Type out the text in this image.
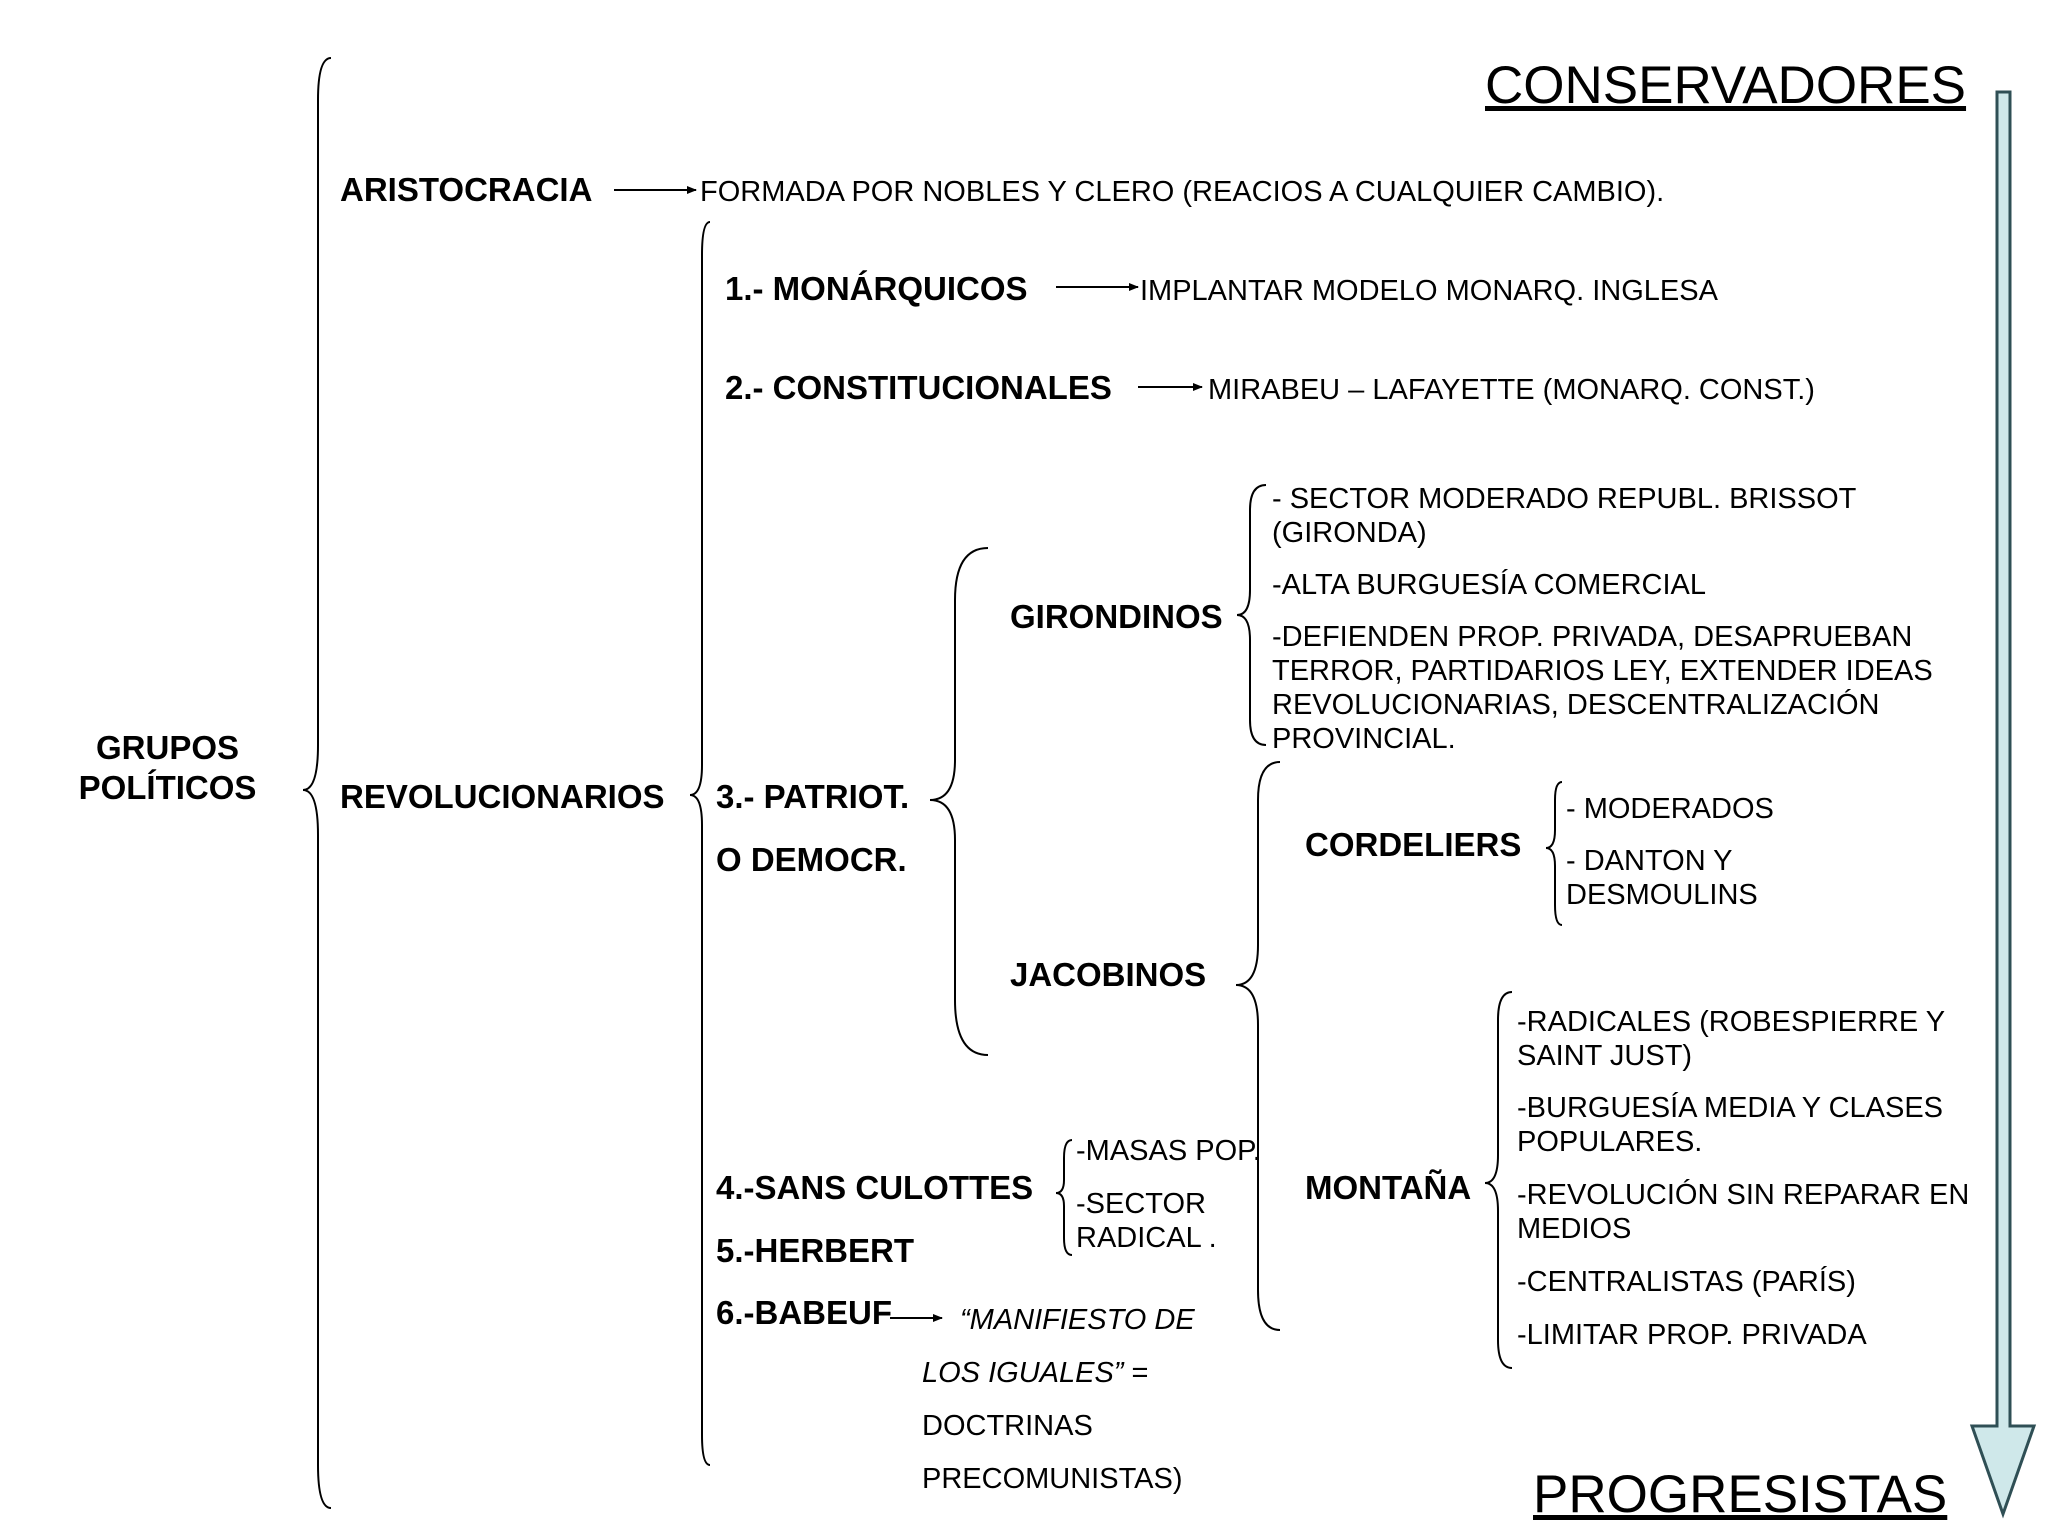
CONSERVADORES
PROGRESISTAS
GRUPOS
POLÍTICOS
ARISTOCRACIA	FORMADA POR NOBLES Y CLERO (REACIOS A CUALQUIER CAMBIO).
REVOLUCIONARIOS
1.- MONÁRQUICOS	IMPLANTAR MODELO MONARQ. INGLESA
2.- CONSTITUCIONALES	MIRABEU – LAFAYETTE (MONARQ. CONST.)
3.- PATRIOT.
O DEMOCR.
GIRONDINOS
- SECTOR MODERADO REPUBL. BRISSOT (GIRONDA)
-ALTA BURGUESÍA COMERCIAL
-DEFIENDEN PROP. PRIVADA, DESAPRUEBAN TERROR, PARTIDARIOS LEY, EXTENDER IDEAS REVOLUCIONARIAS, DESCENTRALIZACIÓN PROVINCIAL.
JACOBINOS
CORDELIERS
- MODERADOS
- DANTON Y DESMOULINS
MONTAÑA
-RADICALES (ROBESPIERRE Y SAINT JUST)
-BURGUESÍA MEDIA Y CLASES POPULARES.
-REVOLUCIÓN SIN REPARAR EN MEDIOS
-CENTRALISTAS (PARÍS)
-LIMITAR PROP. PRIVADA
4.-SANS CULOTTES
-MASAS POP.
-SECTOR RADICAL .
5.-HERBERT
6.-BABEUF	“MANIFIESTO DE LOS IGUALES” = DOCTRINAS PRECOMUNISTAS)
